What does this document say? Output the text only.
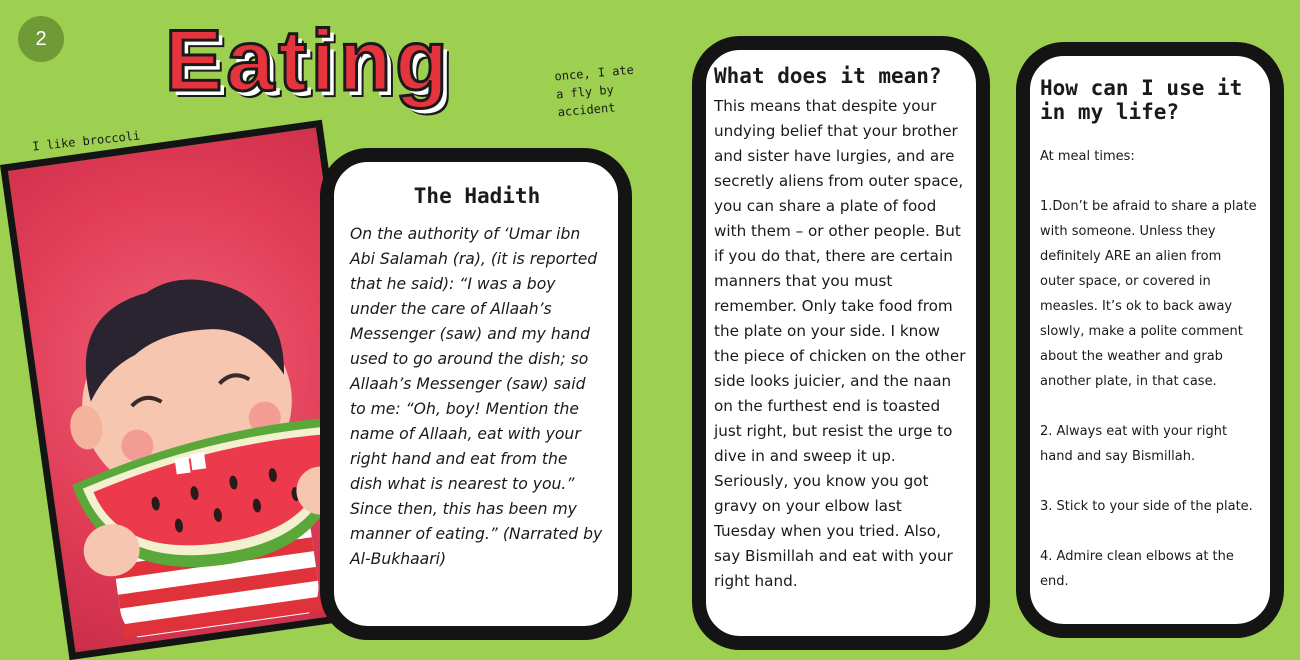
2 Eating
I like broccoli
once, I ate a fly by accident
The Hadith
On the authority of ‘Umar ibn Abi Salamah (ra), (it is reported that he said): “I was a boy under the care of Allaah’s Messenger (saw) and my hand used to go around the dish; so Allaah’s Messenger (saw) said to me: “Oh, boy! Mention the name of Allaah, eat with your right hand and eat from the dish what is nearest to you.” Since then, this has been my manner of eating.” (Narrated by Al-Bukhaari)
What does it mean?
This means that despite your undying belief that your brother and sister have lurgies, and are secretly aliens from outer space, you can share a plate of food with them – or other people. But if you do that, there are certain manners that you must remember. Only take food from the plate on your side. I know the piece of chicken on the other side looks juicier, and the naan on the furthest end is toasted just right, but resist the urge to dive in and sweep it up. Seriously, you know you got gravy on your elbow last Tuesday when you tried. Also, say Bismillah and eat with your right hand.
How can I use it in my life?

At meal times:

1.Don’t be afraid to share a plate with someone. Unless they definitely ARE an alien from outer space, or covered in measles. It’s ok to back away slowly, make a polite comment about the weather and grab another plate, in that case.

2. Always eat with your right hand and say Bismillah.

3. Stick to your side of the plate.

4. Admire clean elbows at the end.
